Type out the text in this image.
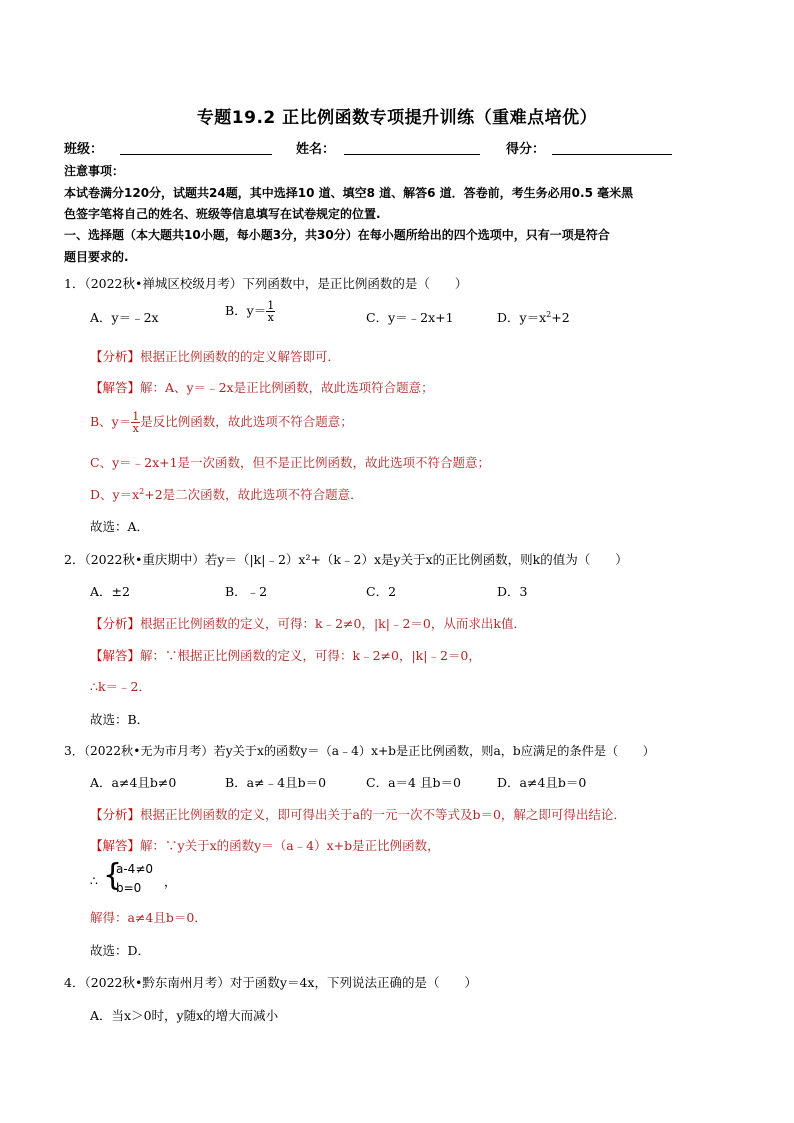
专题19.2 正比例函数专项提升训练（重难点培优）
班级：	姓名：	得分：
注意事项：
本试卷满分120分，试题共24题，其中选择10 道、填空8 道、解答6 道．答卷前，考生务必用0.5 毫米黑
色签字笔将自己的姓名、班级等信息填写在试卷规定的位置.
一、选择题（本大题共10小题，每小题3分，共30分）在每小题所给出的四个选项中，只有一项是符合
题目要求的.
1．（2022秋•禅城区校级月考）下列函数中，是正比例函数的是（　　）
A．y＝﹣2x	B．$y= \frac{1}{x}$	C．y＝﹣2x+1	D．$y=x^2+2$
【分析】根据正比例函数的的定义解答即可．
【解答】解：A、y＝﹣2x是正比例函数，故此选项符合题意；
B、$y= \frac{1}{x}$ 是反比例函数，故此选项不符合题意；
C、y＝﹣2x+1是一次函数，但不是正比例函数，故此选项不符合题意；
D、$y=x^2+2$是二次函数，故此选项不符合题意．
故选：A．
2．（2022秋•重庆期中）若y＝（|k|﹣2）x²+（k﹣2）x是y关于x的正比例函数，则k的值为（　　）
A．±2	B．﹣2	C．2	D．3
【分析】根据正比例函数的定义，可得：k﹣2≠0，|k|﹣2＝0，从而求出k值．
【解答】解：∵根据正比例函数的定义，可得：k﹣2≠0，|k|﹣2＝0，
∴k＝﹣2．
故选：B．
3．（2022秋•无为市月考）若y关于x的函数y＝（a﹣4）x+b是正比例函数，则a，b应满足的条件是（　　）
A．a≠4且b≠0	B．a≠﹣4且b＝0	C．a＝4 且b＝0	D．a≠4且b＝0
【分析】根据正比例函数的定义，即可得出关于a的一元一次不等式及b＝0，解之即可得出结论．
【解答】解：∵y关于x的函数y＝（a﹣4）x+b是正比例函数，
∴ {
a-4≠0
b=0 ，
解得：a≠4且b＝0．
故选：D．
4．（2022秋•黔东南州月考）对于函数y＝4x，下列说法正确的是（　　）
A．当x＞0时，y随x的增大而减小
